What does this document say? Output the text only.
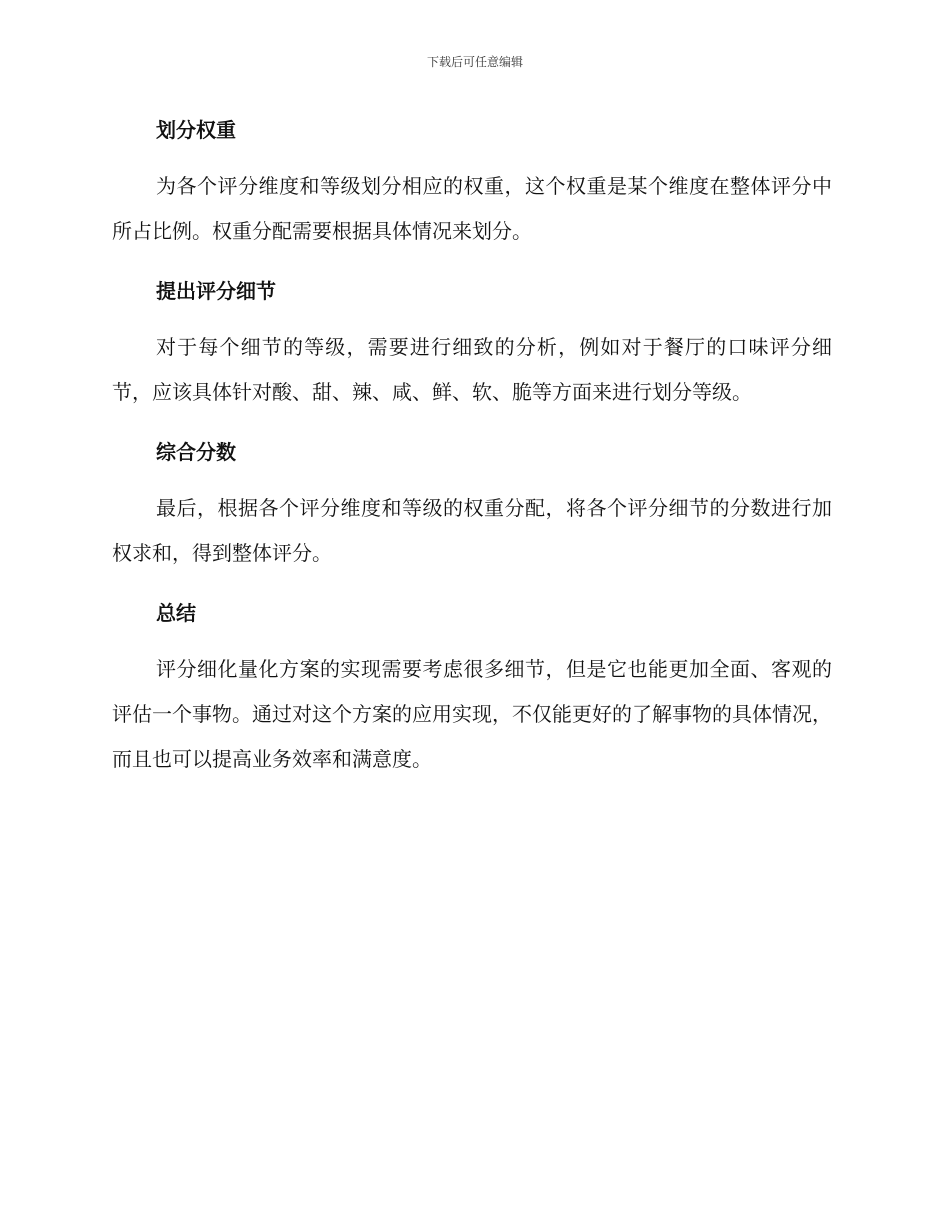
下载后可任意编辑
划分权重

为各个评分维度和等级划分相应的权重，这个权重是某个维度在整体评分中所占比例。权重分配需要根据具体情况来划分。

提出评分细节

对于每个细节的等级，需要进行细致的分析，例如对于餐厅的口味评分细节，应该具体针对酸、甜、辣、咸、鲜、软、脆等方面来进行划分等级。

综合分数

最后，根据各个评分维度和等级的权重分配，将各个评分细节的分数进行加权求和，得到整体评分。

总结

评分细化量化方案的实现需要考虑很多细节，但是它也能更加全面、客观的评估一个事物。通过对这个方案的应用实现，不仅能更好的了解事物的具体情况，而且也可以提高业务效率和满意度。
